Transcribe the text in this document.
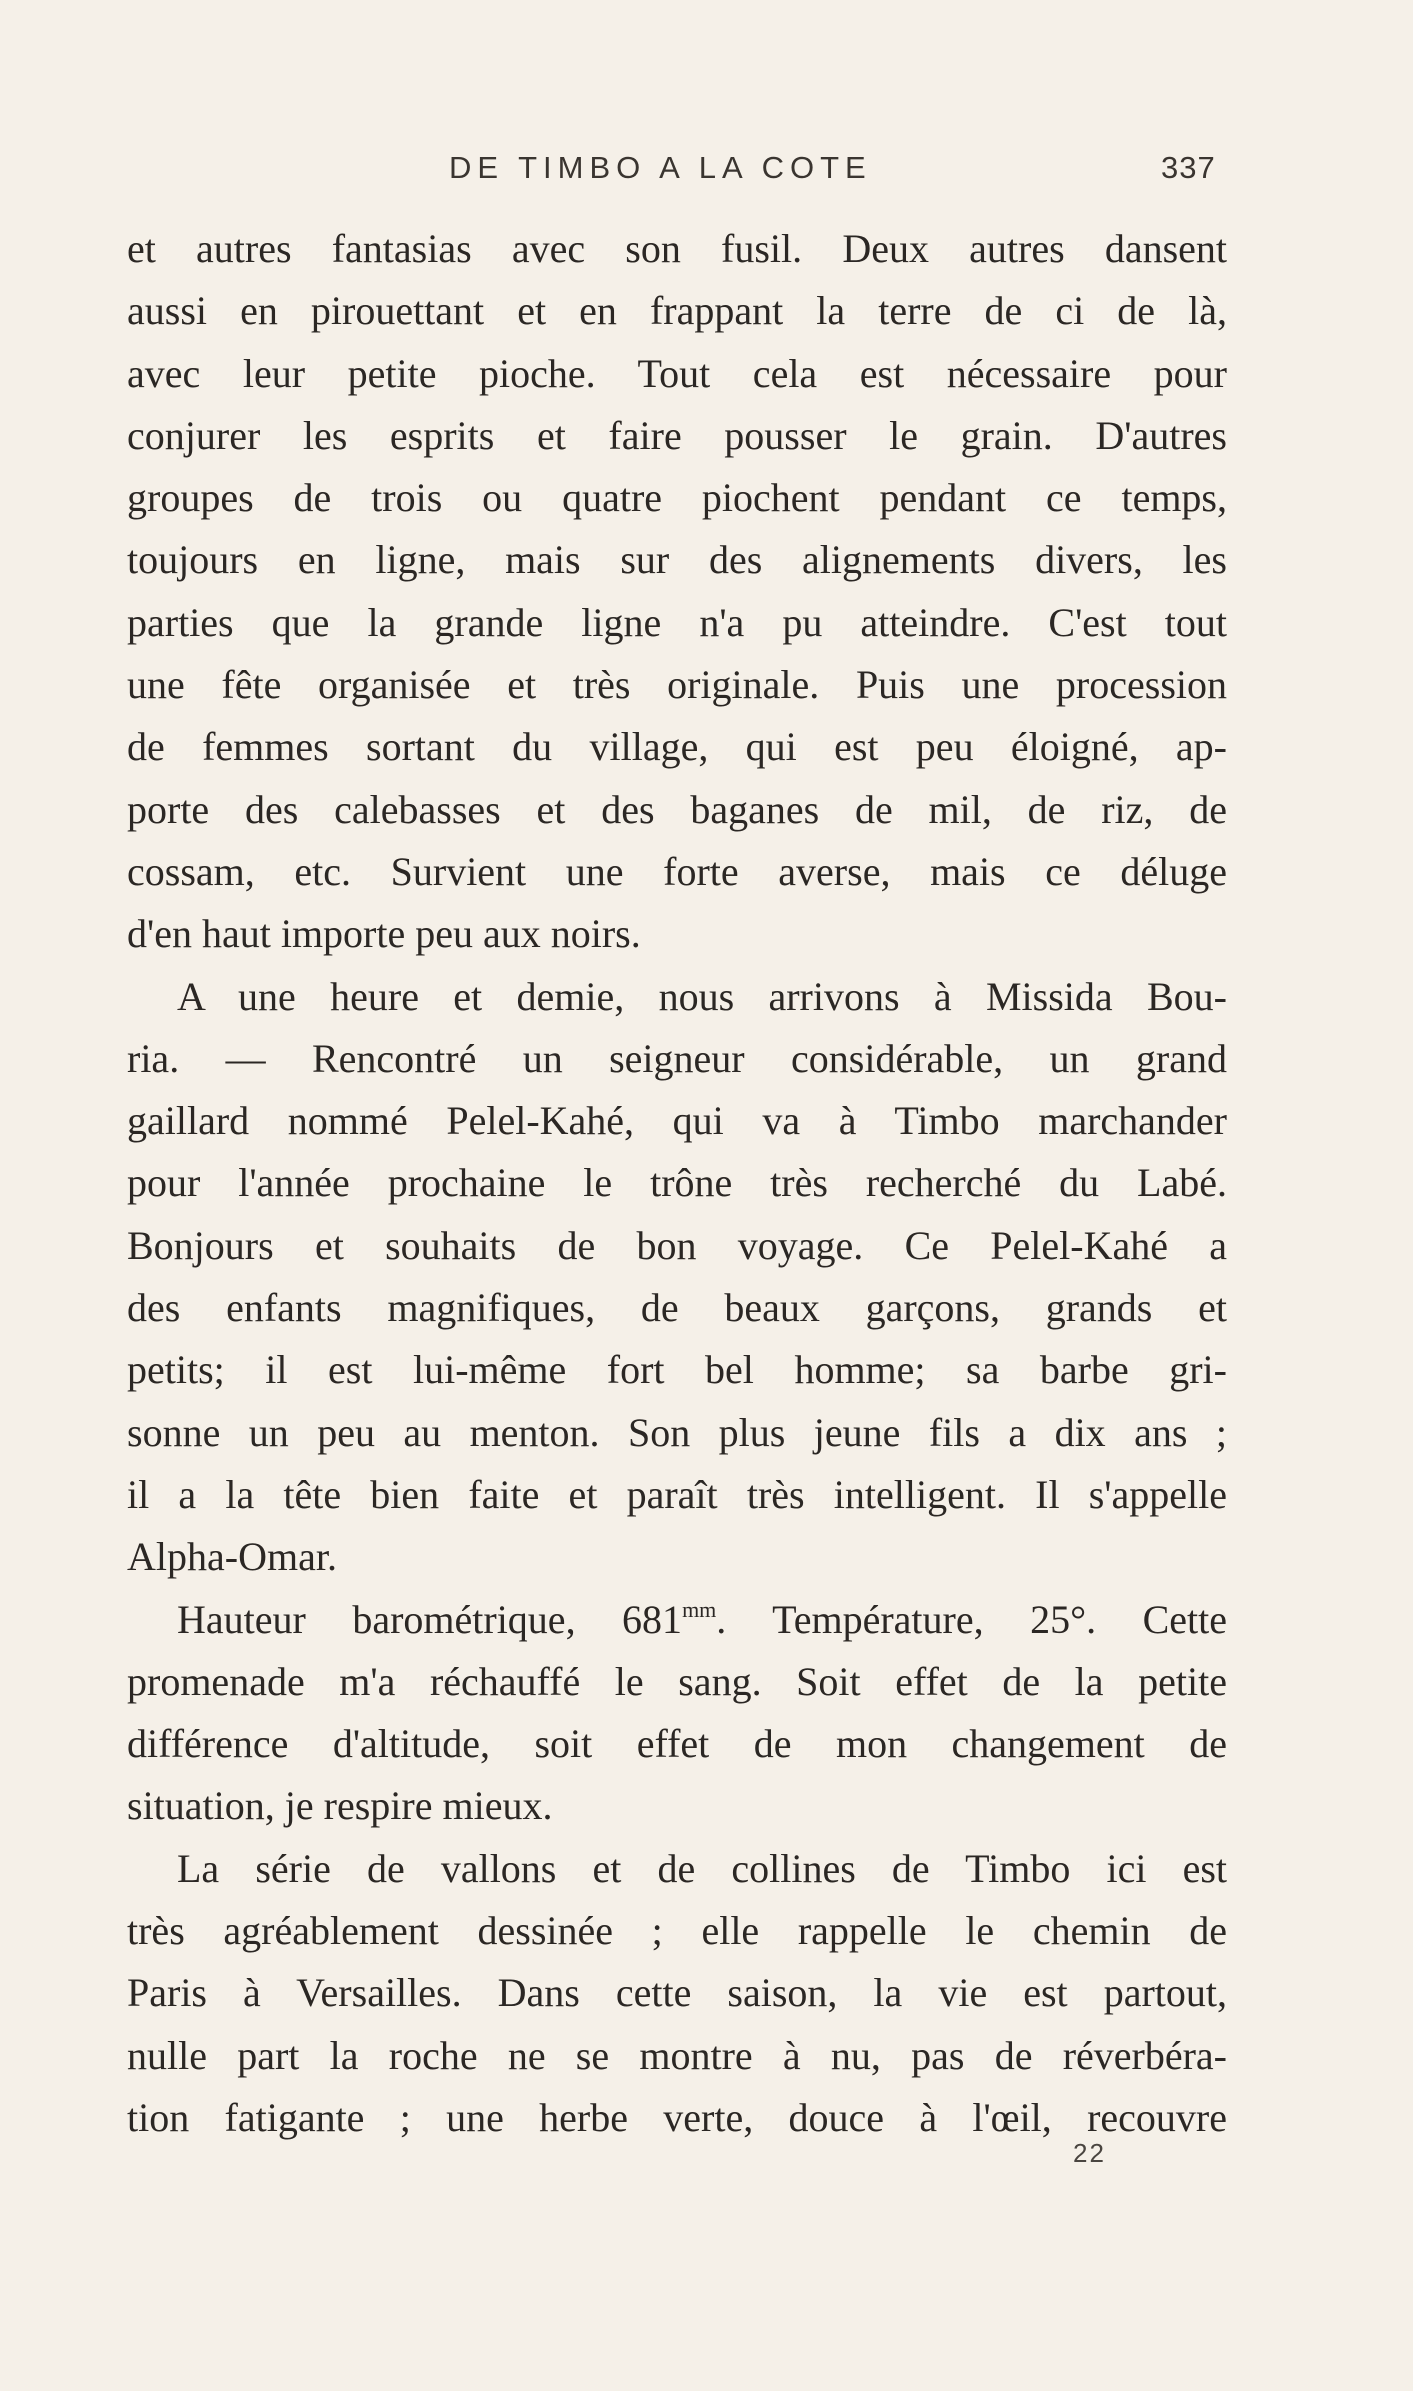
DE TIMBO A LA COTE	337
et autres fantasias avec son fusil. Deux autres dansent
aussi en pirouettant et en frappant la terre de ci de là,
avec leur petite pioche. Tout cela est nécessaire pour
conjurer les esprits et faire pousser le grain. D'autres
groupes de trois ou quatre piochent pendant ce temps,
toujours en ligne, mais sur des alignements divers, les
parties que la grande ligne n'a pu atteindre. C'est tout
une fête organisée et très originale. Puis une procession
de femmes sortant du village, qui est peu éloigné, ap-
porte des calebasses et des baganes de mil, de riz, de
cossam, etc. Survient une forte averse, mais ce déluge
d'en haut importe peu aux noirs.
A une heure et demie, nous arrivons à Missida Bou-
ria. — Rencontré un seigneur considérable, un grand
gaillard nommé Pelel-Kahé, qui va à Timbo marchander
pour l'année prochaine le trône très recherché du Labé.
Bonjours et souhaits de bon voyage. Ce Pelel-Kahé a
des enfants magnifiques, de beaux garçons, grands et
petits; il est lui-même fort bel homme; sa barbe gri-
sonne un peu au menton. Son plus jeune fils a dix ans ;
il a la tête bien faite et paraît très intelligent. Il s'appelle
Alpha-Omar.
Hauteur barométrique, $681^{mm}$. Température, 25°. Cette
promenade m'a réchauffé le sang. Soit effet de la petite
différence d'altitude, soit effet de mon changement de
situation, je respire mieux.
La série de vallons et de collines de Timbo ici est
très agréablement dessinée ; elle rappelle le chemin de
Paris à Versailles. Dans cette saison, la vie est partout,
nulle part la roche ne se montre à nu, pas de réverbéra-
tion fatigante ; une herbe verte, douce à l'œil, recouvre
22
